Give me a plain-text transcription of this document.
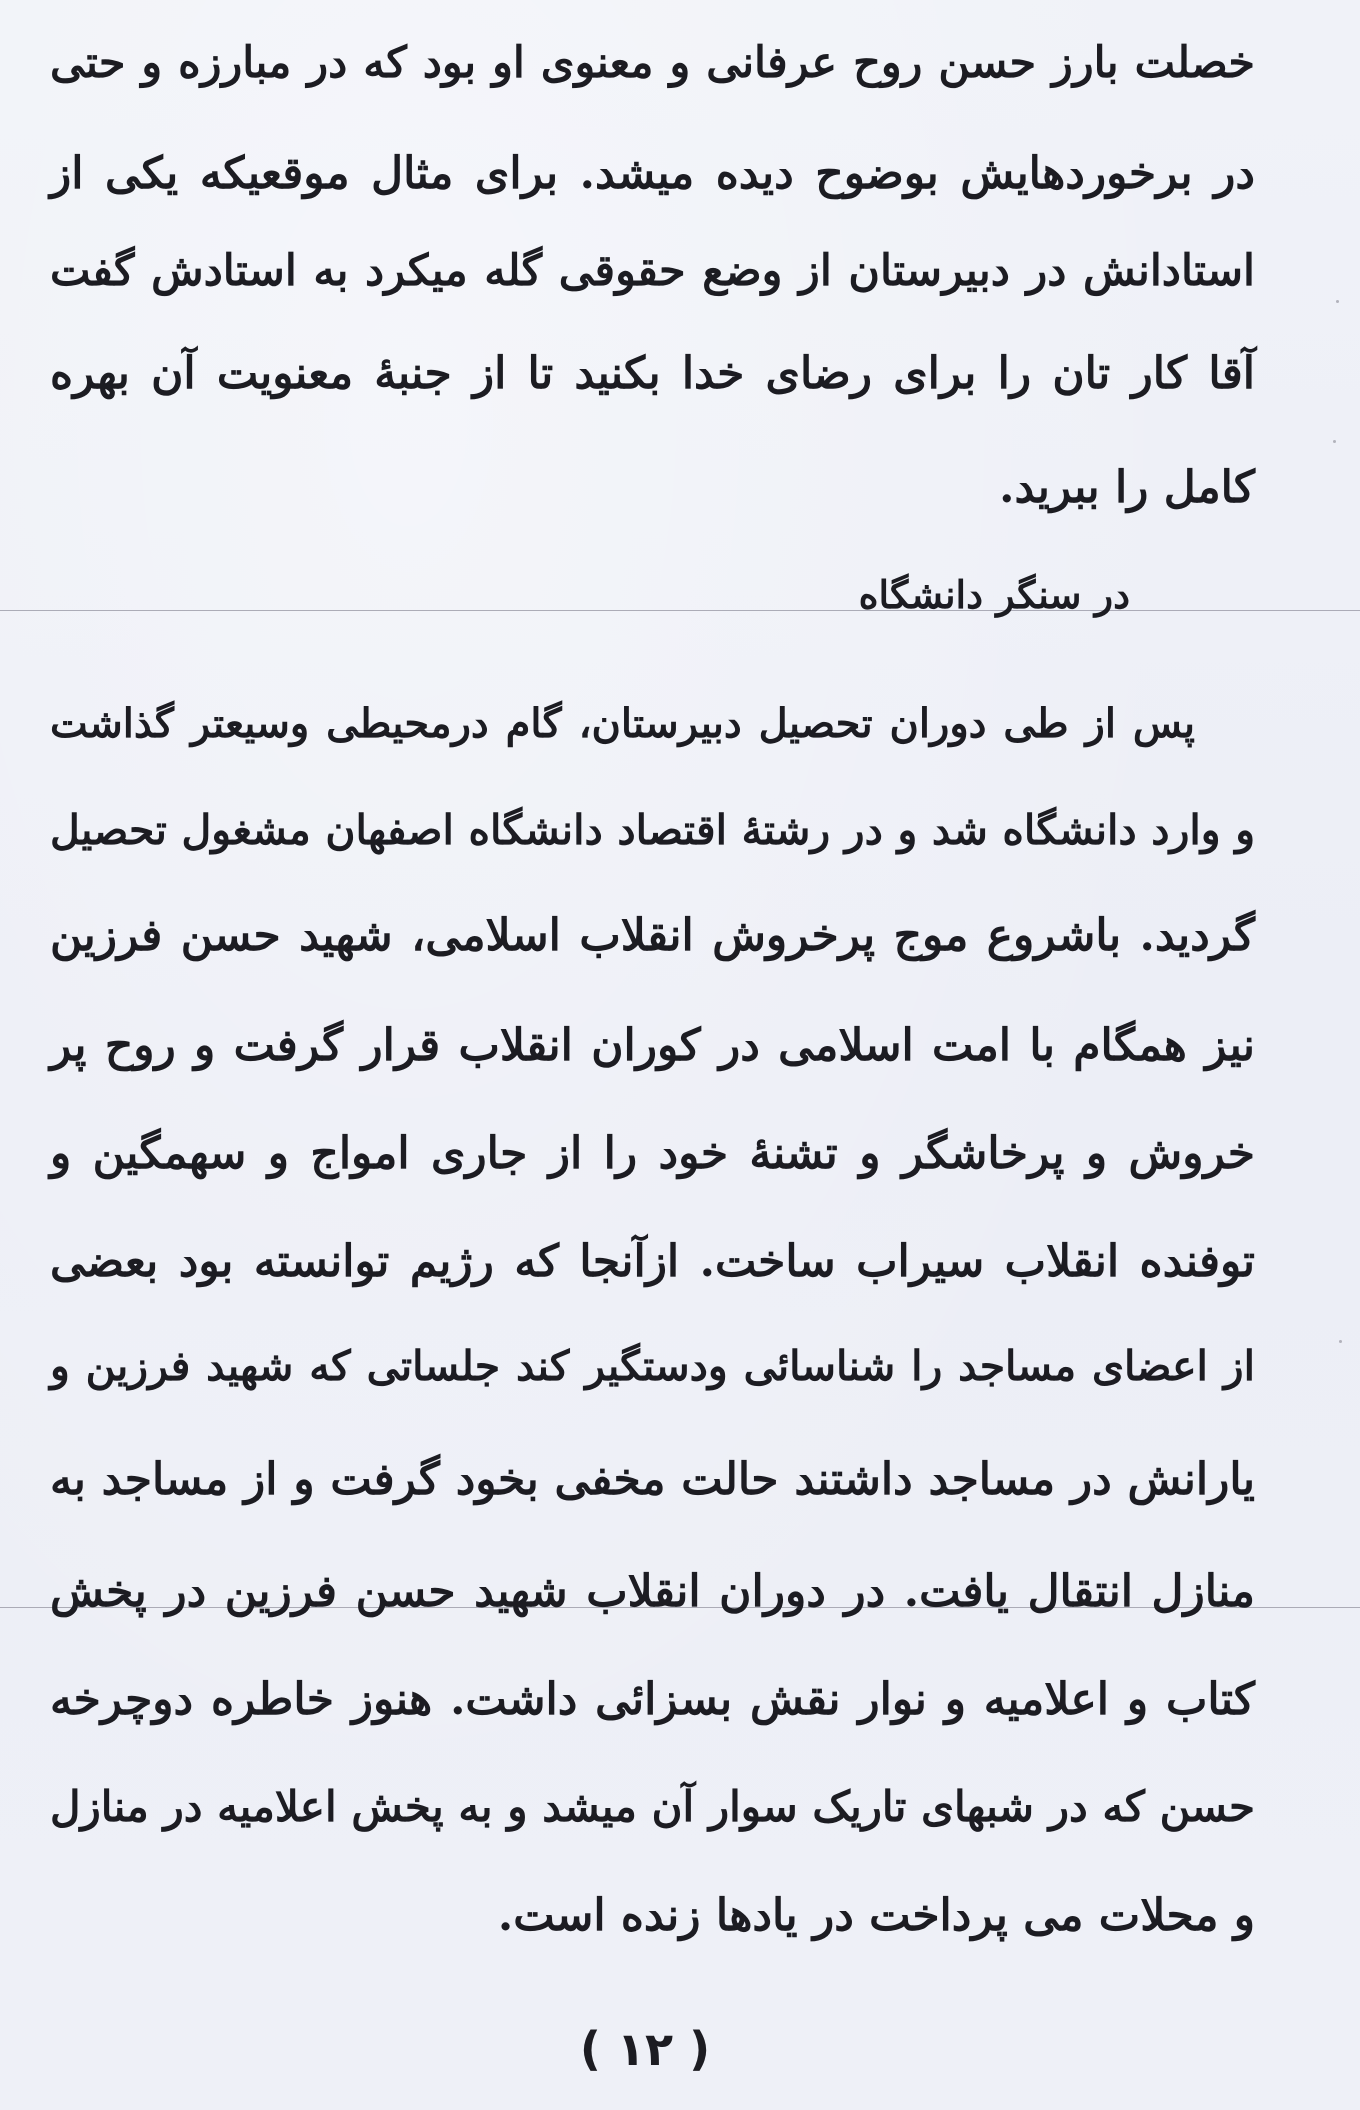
خصلت بارز حسن روح عرفانی و معنوی او بود که در مبارزه و حتی
در برخوردهایش بوضوح دیده میشد. برای مثال موقعیکه یکی از
استادانش در دبیرستان از وضع حقوقی گله میکرد به استادش گفت
آقا کار تان را برای رضای خدا بکنید تا از جنبهٔ معنویت آن بهره
کامل را ببرید.
در سنگر دانشگاه
پس از طی دوران تحصیل دبیرستان، گام درمحیطی وسیعتر گذاشت
و وارد دانشگاه شد و در رشتهٔ اقتصاد دانشگاه اصفهان مشغول تحصیل
گردید. باشروع موج پرخروش انقلاب اسلامی، شهید حسن فرزین
نیز همگام با امت اسلامی در کوران انقلاب قرار گرفت و روح پر
خروش و پرخاشگر و تشنهٔ خود را از جاری امواج و سهمگین و
توفنده انقلاب سیراب ساخت. ازآنجا که رژیم توانسته بود بعضی
از اعضای مساجد را شناسائی ودستگیر کند جلساتی که شهید فرزین و
یارانش در مساجد داشتند حالت مخفی بخود گرفت و از مساجد به
منازل انتقال یافت. در دوران انقلاب شهید حسن فرزین در پخش
کتاب و اعلامیه و نوار نقش بسزائی داشت. هنوز خاطره دوچرخه
حسن که در شبهای تاریک سوار آن میشد و به پخش اعلامیه در منازل
و محلات می پرداخت در یادها زنده است.
( ۱۲ )
